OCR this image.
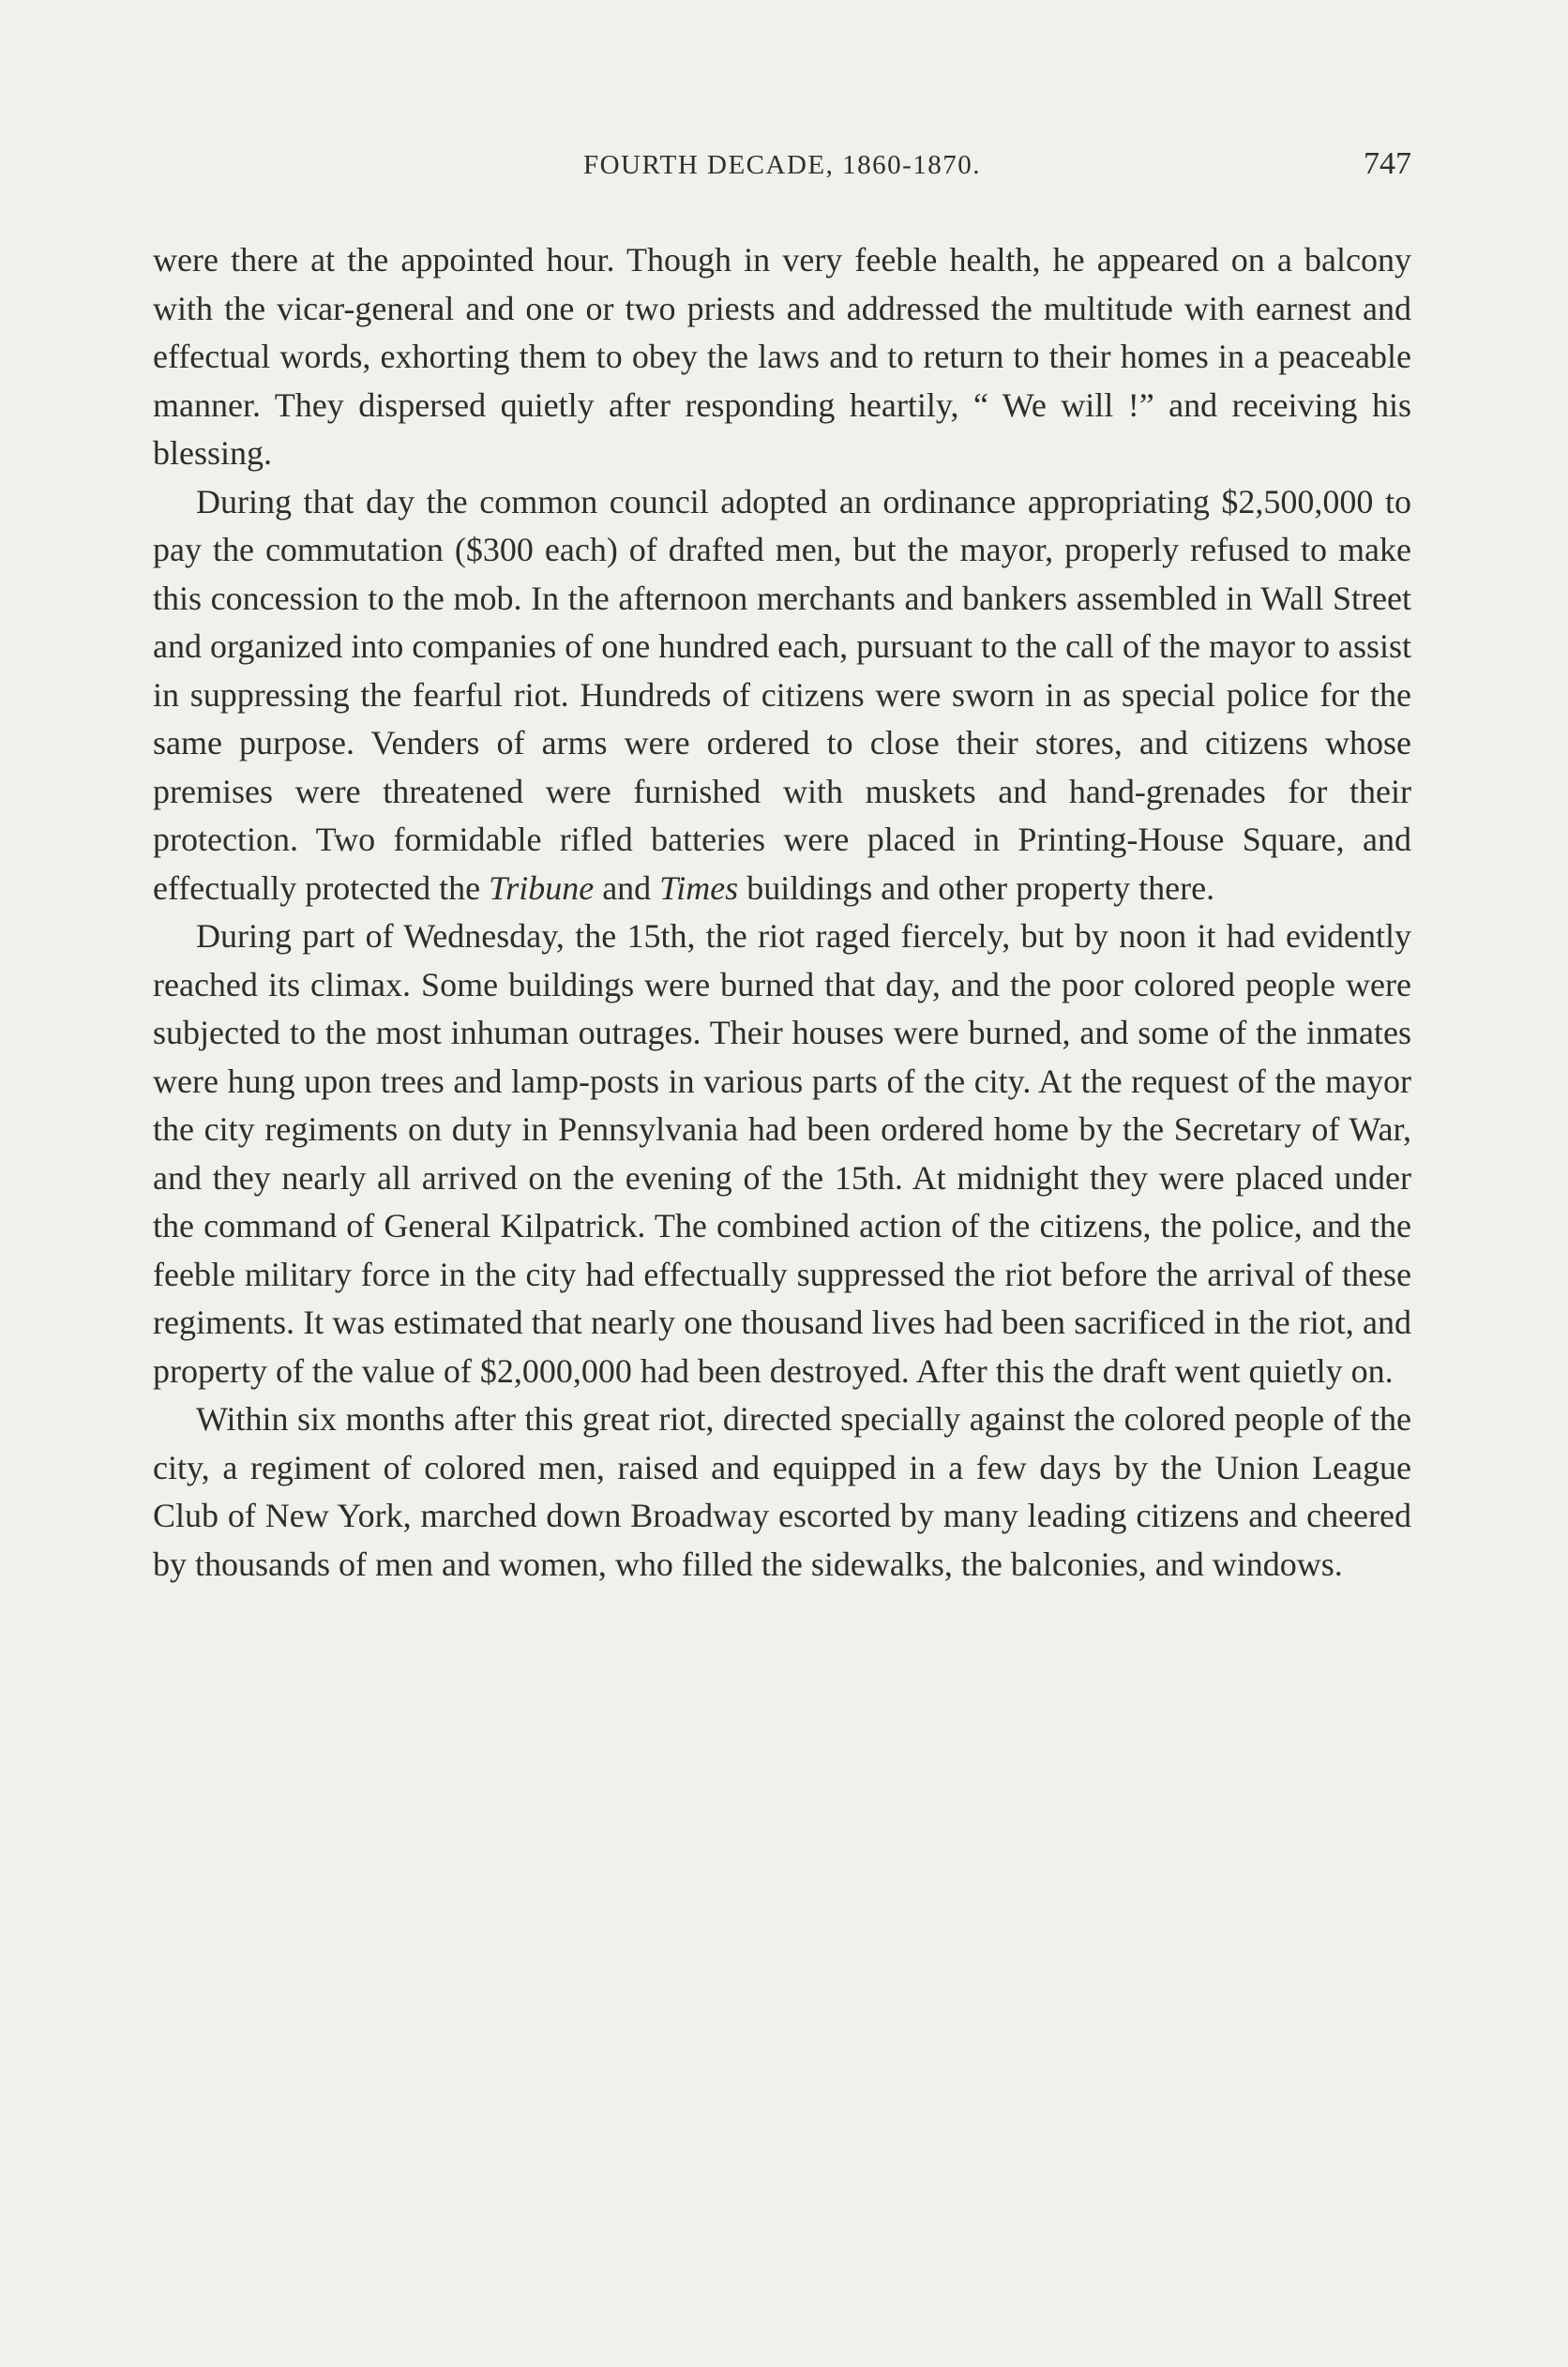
FOURTH DECADE, 1860-1870.	747

were there at the appointed hour. Though in very feeble health, he appeared on a balcony with the vicar-general and one or two priests and addressed the multitude with earnest and effectual words, exhorting them to obey the laws and to return to their homes in a peaceable manner. They dispersed quietly after responding heartily, “ We will !” and receiving his blessing.

During that day the common council adopted an ordinance appropriating $2,500,000 to pay the commutation ($300 each) of drafted men, but the mayor, properly refused to make this concession to the mob. In the afternoon merchants and bankers assembled in Wall Street and organized into companies of one hundred each, pursuant to the call of the mayor to assist in suppressing the fearful riot. Hundreds of citizens were sworn in as special police for the same purpose. Venders of arms were ordered to close their stores, and citizens whose premises were threatened were furnished with muskets and hand-grenades for their protection. Two formidable rifled batteries were placed in Printing-House Square, and effectually protected the Tribune and Times buildings and other property there.

During part of Wednesday, the 15th, the riot raged fiercely, but by noon it had evidently reached its climax. Some buildings were burned that day, and the poor colored people were subjected to the most inhuman outrages. Their houses were burned, and some of the inmates were hung upon trees and lamp-posts in various parts of the city. At the request of the mayor the city regiments on duty in Pennsylvania had been ordered home by the Secretary of War, and they nearly all arrived on the evening of the 15th. At midnight they were placed under the command of General Kilpatrick. The combined action of the citizens, the police, and the feeble military force in the city had effectually suppressed the riot before the arrival of these regiments. It was estimated that nearly one thousand lives had been sacrificed in the riot, and property of the value of $2,000,000 had been destroyed. After this the draft went quietly on.

Within six months after this great riot, directed specially against the colored people of the city, a regiment of colored men, raised and equipped in a few days by the Union League Club of New York, marched down Broadway escorted by many leading citizens and cheered by thousands of men and women, who filled the sidewalks, the balconies, and windows.
